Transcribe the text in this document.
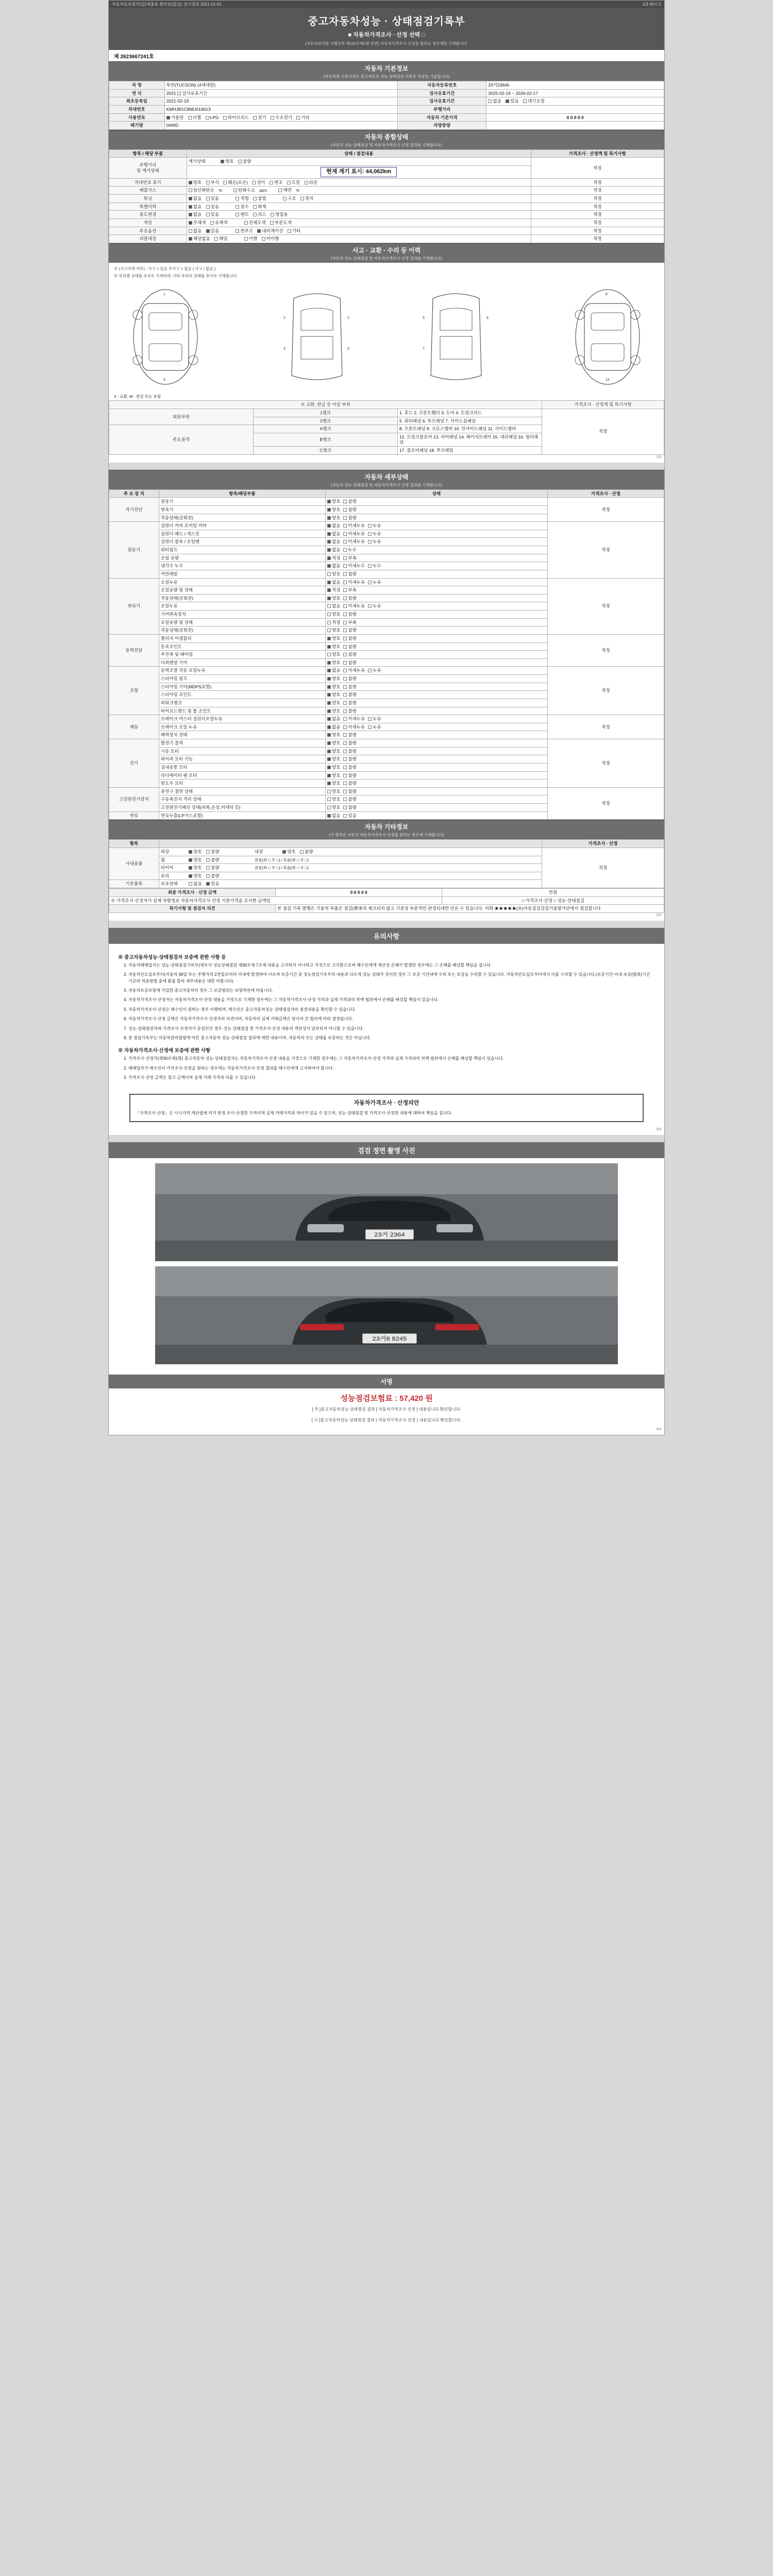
자동차등록원부(갑)제출용 확인용(발급) 검사결과 2021-01-01	1/3 페이지
중고자동차성능 · 상태점검기록부
■ 자동차가격조사 · 산정 선택 □
(자동차관리법 시행규칙 제120조제1항 관련) 자동차가격조사·산정을 원하는 경우에만 기재합니다.
제 2623667241호
자동차 기본정보
(자동차명 기준가격은 중고자동차 성능·상태점검 기록부 작성일 기준입니다)
차 명	투싼(TUCSON) (4세대알)	자동차등록번호	23거23645
연 식	2021 검사유효기간	검사유효기간	2025-02-19 ~ 2026-02-17
최초등록일	2021-02-19	검사유효기간	없음 있음 대기오염
차대번호	KMHJB1C8MU016613	주행거리	
사용연료	가솔린 디젤 LPG 하이브리드 전기 수소전기 기타	자동차 기준가격	0 0 0 0 0
배기량	04WD	차량중량	
자동차 종합상태
(자동차 성능·상태점검 및 자동차가격조사·산정 결과를 기재합니다)
항목 / 해당 부품	상태 / 점검내용	가격조사 · 산정액 및 특기사항
주행거리
및 계기상태	계기상태 양호 불량	적정
	현재 계기 표시: 44,062km	
차대번호 표기	양호 부식 훼손(오손) 상이 변조 도말 타공	적정
배출가스	일산화탄소 % 탄화수소 ppm 매연 %	적정
튜닝	없음 있음 적법 불법 구조 장치	적정
특별이력	없음 있음 침수 화재	적정
용도변경	없음 있음 렌트 리스 영업용	적정
색상	무채색 유채색 전체도색 부분도색	적정
주요옵션	없음 있음 썬루프 내비게이션 기타	적정
리콜대상	해당없음 해당 이행 미이행	적정
사고 · 교환 · 수리 등 이력
(자동차 성능·상태점검 및 자동차가격조사·산정 결과를 기재합니다)
※ (사고이력 여부) : 사고 = 있음 무사고 = 없음 ( 사고 / 없음 )
※ 부위별 상태를 숫자로 기재하며, 기타 부위의 상태를 추가로 기재합니다.
1
4
2	2
3	3
5	6
7
8
12
X : 교환, W : 판금 또는 용접
※ 교환, 판금 등 이상 부위			가격조사 · 산정액 및 특기사항
외판부위	1랭크	1. 후드 2. 프론트휀더 3. 도어 4. 트렁크리드	적정
	2랭크	5. 쿼터패널 6. 루프패널 7. 사이드실패널	
주요골격	A랭크	8. 프론트패널 9. 크로스멤버 10. 인사이드패널 11. 사이드멤버	
	B랭크	12. 트렁크플로어 13. 리어패널 14. 패키지트레이 15. 대쉬패널 16. 필러패널	
	C랭크	17. 플로어패널 18. 루프레일	
1/3
자동차 세부상태
(자동차 성능·상태점검 및 자동차가격조사·산정 결과를 기재합니다)
주 요 장 치	항목/해당부품	상태	가격조사 · 산정
자기진단	원동기	양호 불량	적정
	변속기	양호 불량	
	작동상태(공회전)	양호 불량	
원동기	실린더 커버 로커암 커버	없음 미세누유 누유	적정
	실린더 헤드 / 개스킷	없음 미세누유 누유	
	실린더 블록 / 오일팬	없음 미세누유 누유	
	워터펌프	없음 누수	
	오일 유량	적정 부족	
	냉각수 누수	없음 미세누수 누수	
	커먼레일	양호 불량	
변속기	오일누유	없음 미세누유 누유	적정
	오일유량 및 상태	적정 부족	
	작동상태(공회전)	양호 불량	
	오일누유	없음 미세누유 누유	
	기어변속장치	양호 불량	
	오일유량 및 상태	적정 부족	
	작동상태(공회전)	양호 불량	
동력전달	클러치 어셈블리	양호 불량	적정
	등속조인트	양호 불량	
	추진축 및 베어링	양호 불량	
	디퍼렌셜 기어	양호 불량	
조향	동력조향 작동 오일누유	없음 미세누유 누유	적정
	스티어링 펌프	양호 불량	
	스티어링 기어(MDPS포함)	양호 불량	
	스티어링 조인트	양호 불량	
	파워크랭크	양호 불량	
	타이로드엔드 및 볼 조인트	양호 불량	
제동	브레이크 마스터 실린더오일누유	없음 미세누유 누유	적정
	브레이크 오일 누유	없음 미세누유 누유	
	배력장치 상태	양호 불량	
전기	발전기 출력	양호 불량	적정
	시동 모터	양호 불량	
	와이퍼 모터 기능	양호 불량	
	실내송풍 모터	양호 불량	
	라디에이터 팬 모터	양호 불량	
	윈도우 모터	양호 불량	
고전원전기장치	충전구 절연 상태	양호 불량	적정
	구동축전지 격리 상태	양호 불량	
	고전원전기배선 상태(피복,손상,커넥터 등)	양호 불량	
연료	연료누출(LP가스포함)	없음 있음	
자동차 기타정보
(기 항목은 자동차 자동차가격조사·산정을 원하는 경우에 기재합니다)
항목		가격조사 · 산정
사내용품	외장 양호 불량 내장 양호 불량	적정
	휠 양호 불량 전륜(좌 □ 우 □) / 후륜(좌 □ 우 □)	
	타이어 양호 불량 전륜(좌 □ 우 □) / 후륜(좌 □ 우 □)	
	유리 양호 불량	
기본품목	보유상태 없음 있음	
최종 가격조사 · 산정 금액	0 0 0 0 0	만원
※ 가격조사·산정자가 실제 차량정보 자동차가격조사·산정 기준가격을 조사한 금액임		□ 가격조사·산정 □ 성능·상태점검
특기사항 및 점검자 의견	본 점검 기록 발행은 기술적 부품은 점검(實車의 체크되지 않고 기준상 부분적인 판정되네만 단돈 수 있습니다. 저희 ★★★★★(유)자동검검검검기술평가단에서 점검합니다.	
2/3
유의사항
※ 중고자동차성능·상태점검자 보증에 관한 사항 등
1. 자동차매매업자는 성능·상태점검기록부(제조사·성능상태점검 제30조제 7조제 내용을 고지하지 아니하고 거짓으로 고지함으로써 매수인에게 재산상 손해가 발생한 경우에는 그 손해를 배상할 책임을 집니다.
2. 자동차인도일로부터(자동차 30일 또는 주행거리 2천킬로미터 이내에 발생하여 이로써 보증기간 중 성능점검기록부의 내용과 다르게 성능·상태가 상이한 경우 그 보증 기간내에 수리 또는 보상을 수리할 수 있습니다. 자동차인도일로부터에서 이를 수리할 수 있습니다.(보증기간 이내·보증(범위)기간 기준의 적용방법 중에 환불 합의 세부내용은 대한 의합니다)
3. 자동차보증보험에 가입한 중고자동차의 경우 그 보증범위는 보험약관에 따릅니다.
4. 자동차가격조사·산정자는 자동차가격조사·산정 내용을 거짓으로 기재한 경우에는 그 자동차가격조사·산정 가격과 실제 가격과의 차액 범위에서 손해를 배상할 책임이 있습니다.
5. 자동차가격조사·산정은 매수인이 원하는 경우 이행하며, 매수인은 중고자동차성능·상태점검자의 점검내용을 확인할 수 있습니다.
6. 자동차가격조사·산정 금액은 자동차가격조사·산정자의 의견이며, 자동차의 실제 거래금액은 당사자 간 협의에 따라 결정됩니다.
7. 성능·상태점검자와 가격조사·산정자가 동일인인 경우 성능·상태점검 및 가격조사·산정 내용의 객관성이 담보되지 아니할 수 있습니다.
8. 본 점검기록부는 자동차관리법령에 따른 중고자동차 성능·상태점검 결과에 대한 내용이며, 자동차의 모든 상태를 보증하는 것은 아닙니다.
※ 자동차가격조사·산정에 보증에 관한 사항
1. 가격조사·산정가(제30조제1항) 중고자동차 성능·상태점검자는 자동차가격조사·산정 내용을 거짓으로 기재한 경우에는 그 자동차가격조사·산정 가격과 실제 가격과의 차액 범위에서 손해를 배상할 책임이 있습니다.
2. 매매업자가 매수인이 가격조사·산정을 원하는 경우에는 자동차가격조사·산정 결과를 매수인에게 고지하여야 합니다.
3. 가격조사·산정 금액은 참고 금액이며 실제 거래 가격과 다를 수 있습니다.
자동차가격조사 · 산정의안
「가격조사·산정」은 시시가격 계산법에 의거 판정 조사·산정한 가격이며 실제 거래가격과 차이가 있을 수 있으며, 성능·상태점검 및 가격조사·산정한 내용에 대하여 책임을 집니다.
3/3
검검 정면 촬영 사진
23거 2364
23거8 8245
서명
성능점검보험료 : 57,420 원
[ 주 ]중고자동차성능·상태점검 결과 [ 자동차가격조사·산정 ] 내용입니다 확인합니다.
[ 수 ]중고자동차성능·상태점검 결과 ( 자동차가격조사·산정 ) 내용입니다 확인합니다.
4/4
